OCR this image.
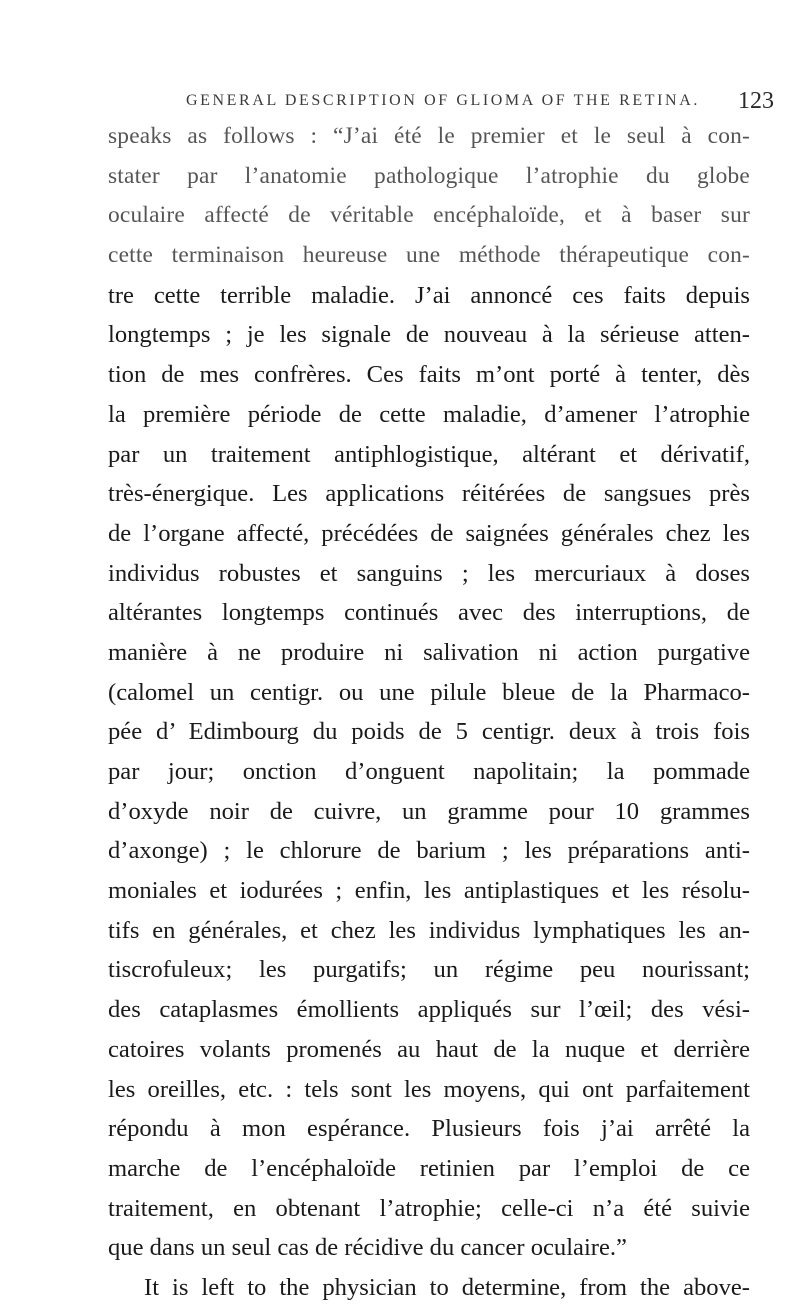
GENERAL DESCRIPTION OF GLIOMA OF THE RETINA. 123
speaks as follows : “J’ai été le premier et le seul à con-
stater par l’anatomie pathologique l’atrophie du globe
oculaire affecté de véritable encéphaloïde, et à baser sur
cette terminaison heureuse une méthode thérapeutique con-
tre cette terrible maladie. J’ai annoncé ces faits depuis
longtemps ; je les signale de nouveau à la sérieuse atten-
tion de mes confrères. Ces faits m’ont porté à tenter, dès
la première période de cette maladie, d’amener l’atrophie
par un traitement antiphlogistique, altérant et dérivatif,
très-énergique. Les applications réitérées de sangsues près
de l’organe affecté, précédées de saignées générales chez les
individus robustes et sanguins ; les mercuriaux à doses
altérantes longtemps continués avec des interruptions, de
manière à ne produire ni salivation ni action purgative
(calomel un centigr. ou une pilule bleue de la Pharmaco-
pée d’ Edimbourg du poids de 5 centigr. deux à trois fois
par jour; onction d’onguent napolitain; la pommade
d’oxyde noir de cuivre, un gramme pour 10 grammes
d’axonge) ; le chlorure de barium ; les préparations anti-
moniales et iodurées ; enfin, les antiplastiques et les résolu-
tifs en générales, et chez les individus lymphatiques les an-
tiscrofuleux; les purgatifs; un régime peu nourissant;
des cataplasmes émollients appliqués sur l’œil; des vési-
catoires volants promenés au haut de la nuque et derrière
les oreilles, etc. : tels sont les moyens, qui ont parfaitement
répondu à mon espérance. Plusieurs fois j’ai arrêté la
marche de l’encéphaloïde retinien par l’emploi de ce
traitement, en obtenant l’atrophie; celle-ci n’a été suivie
que dans un seul cas de récidive du cancer oculaire.”
It is left to the physician to determine, from the above-
